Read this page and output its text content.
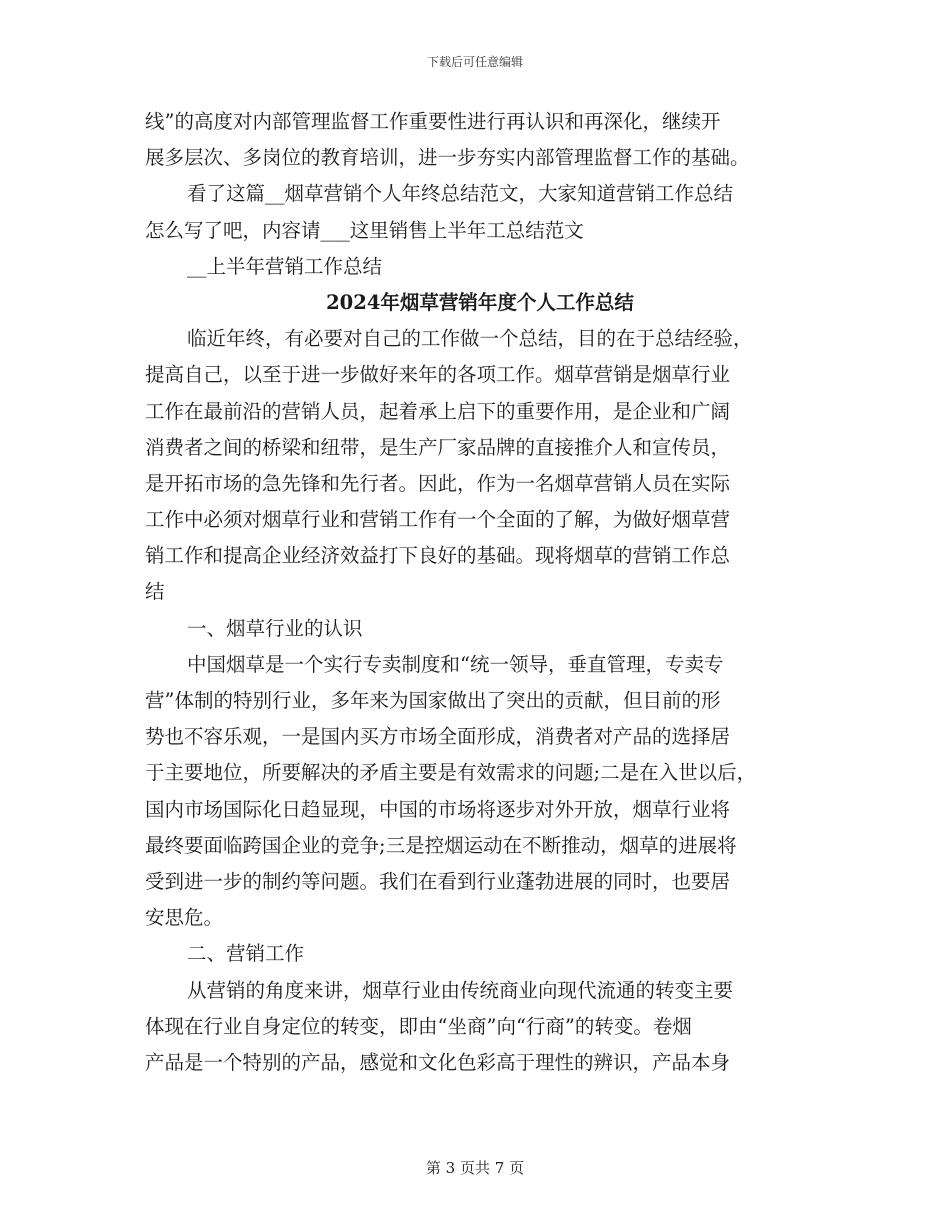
下载后可任意编辑
线”的高度对内部管理监督工作重要性进行再认识和再深化，继续开
展多层次、多岗位的教育培训，进一步夯实内部管理监督工作的基础。
看了这篇__烟草营销个人年终总结范文，大家知道营销工作总结
怎么写了吧，内容请___这里销售上半年工总结范文
__上半年营销工作总结
2024年烟草营销年度个人工作总结
临近年终，有必要对自己的工作做一个总结，目的在于总结经验，
提高自己，以至于进一步做好来年的各项工作。烟草营销是烟草行业
工作在最前沿的营销人员，起着承上启下的重要作用，是企业和广阔
消费者之间的桥梁和纽带，是生产厂家品牌的直接推介人和宣传员，
是开拓市场的急先锋和先行者。因此，作为一名烟草营销人员在实际
工作中必须对烟草行业和营销工作有一个全面的了解，为做好烟草营
销工作和提高企业经济效益打下良好的基础。现将烟草的营销工作总
结
一、烟草行业的认识
中国烟草是一个实行专卖制度和“统一领导，垂直管理，专卖专
营”体制的特别行业，多年来为国家做出了突出的贡献，但目前的形
势也不容乐观，一是国内买方市场全面形成，消费者对产品的选择居
于主要地位，所要解决的矛盾主要是有效需求的问题;二是在入世以后，
国内市场国际化日趋显现，中国的市场将逐步对外开放，烟草行业将
最终要面临跨国企业的竞争;三是控烟运动在不断推动，烟草的进展将
受到进一步的制约等问题。我们在看到行业蓬勃进展的同时，也要居
安思危。
二、营销工作
从营销的角度来讲，烟草行业由传统商业向现代流通的转变主要
体现在行业自身定位的转变，即由“坐商”向“行商”的转变。卷烟
产品是一个特别的产品，感觉和文化色彩高于理性的辨识，产品本身
第 3 页共 7 页
